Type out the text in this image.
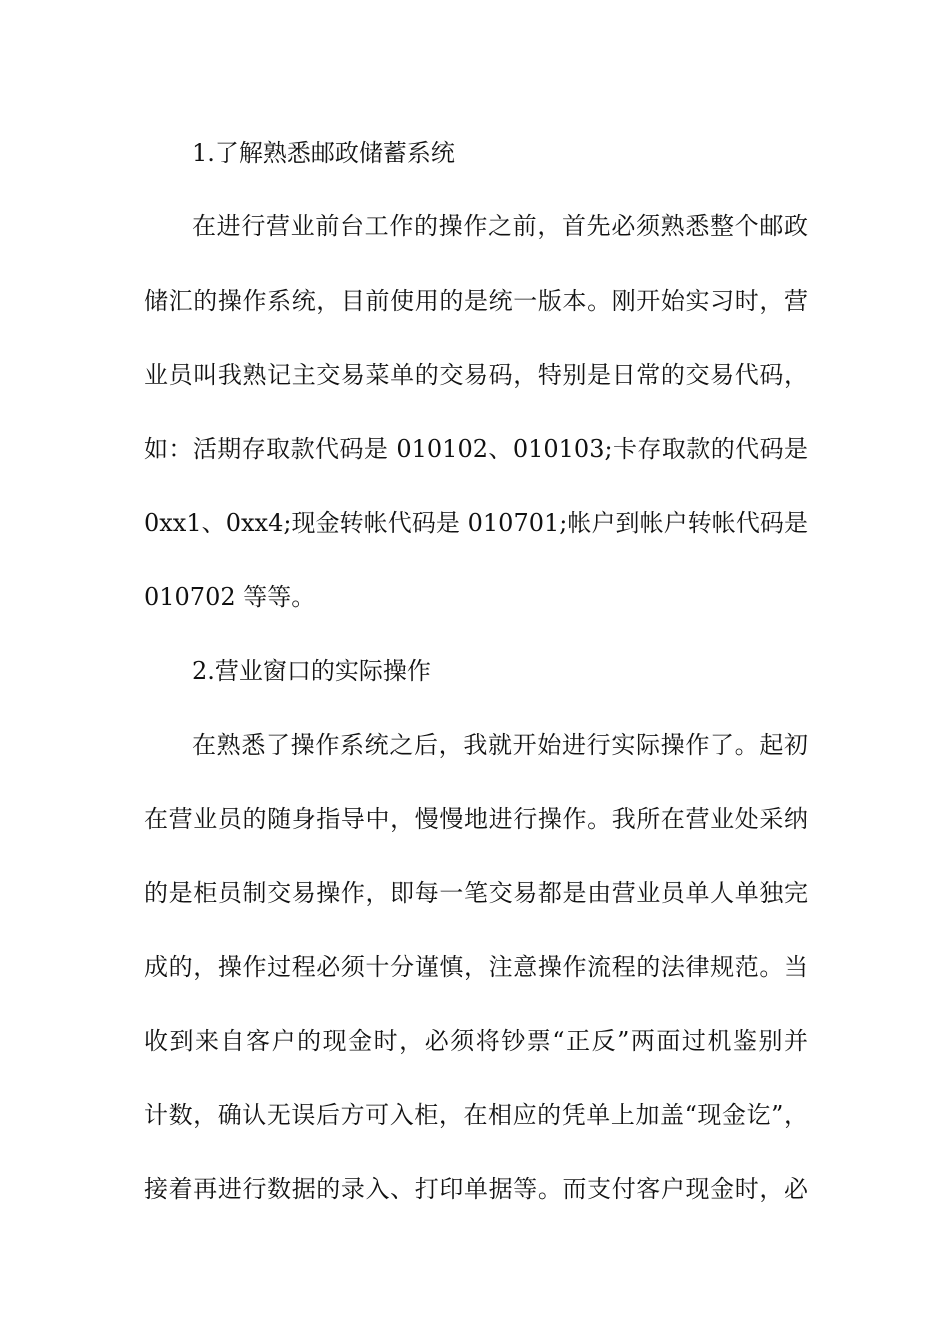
1.了解熟悉邮政储蓄系统
在进行营业前台工作的操作之前，首先必须熟悉整个邮政
储汇的操作系统，目前使用的是统一版本。刚开始实习时，营
业员叫我熟记主交易菜单的交易码，特别是日常的交易代码，
如：活期存取款代码是 010102、010103;卡存取款的代码是
0xx1、0xx4;现金转帐代码是 010701;帐户到帐户转帐代码是
010702 等等。
2.营业窗口的实际操作
在熟悉了操作系统之后，我就开始进行实际操作了。起初
在营业员的随身指导中，慢慢地进行操作。我所在营业处采纳
的是柜员制交易操作，即每一笔交易都是由营业员单人单独完
成的，操作过程必须十分谨慎，注意操作流程的法律规范。当
收到来自客户的现金时，必须将钞票“正反”两面过机鉴别并
计数，确认无误后方可入柜，在相应的凭单上加盖“现金讫”，
接着再进行数据的录入、打印单据等。而支付客户现金时，必
